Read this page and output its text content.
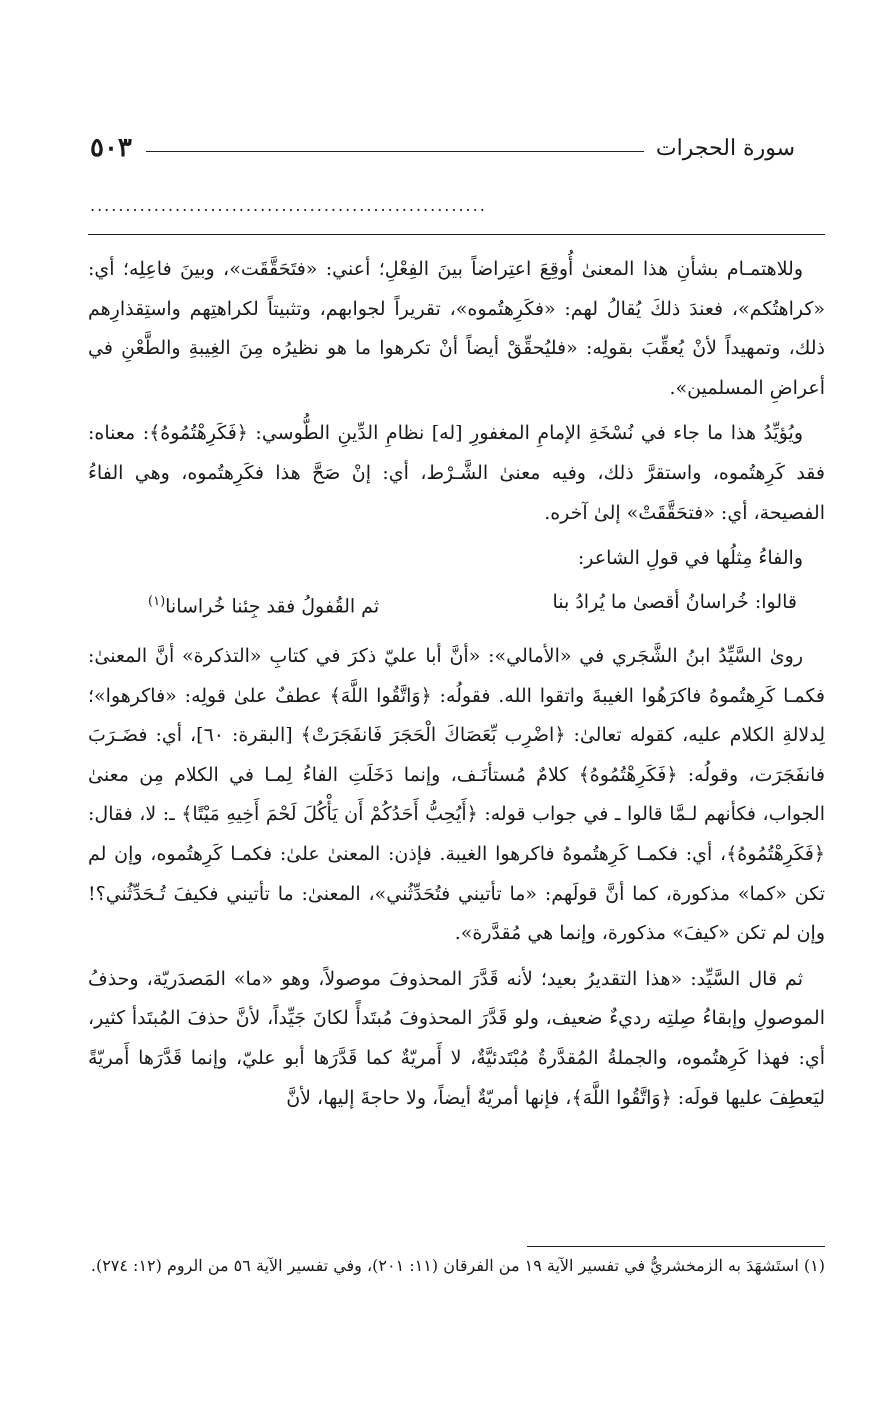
سورة الحجرات
٥٠٣
........................................................

وللاهتمـام بشأنِ هذا المعنىٰ أُوقِعَ اعتِراضاً بينَ الفِعْلِ؛ أعني: «فتَحَقَّقَت»، وبينَ فاعِلِه؛ أي: «كراهتُكم»، فعندَ ذلكَ يُقالُ لهم: «فكَرِهتُموه»، تقريراً لجوابهم، وتثبيتاً لكراهتِهم واستِقذارِهم ذلك، وتمهيداً لأنْ يُعقِّبَ بقولِه: «فليُحقِّقْ أيضاً أنْ تكرهوا ما هو نظيرُه مِنَ الغِيبةِ والطَّعْنِ في أعراضِ المسلمين».

ويُؤيِّدُ هذا ما جاء في نُسْخَةِ الإمامِ المغفورِ [له] نظامِ الدِّينِ الطُّوسي: ﴿فَكَرِهْتُمُوهُ﴾: معناه: فقد كَرِهتُموه، واستقرَّ ذلك، وفيه معنىٰ الشَّـرْط، أي: إنْ صَحَّ هذا فكَرِهتُموه، وهي الفاءُ الفصيحة، أي: «فتحَقَّقَتْ» إلىٰ آخره.

والفاءُ مِثلُها في قولِ الشاعر:

قالوا: خُراسانُ أقصىٰ ما يُرادُ بنا
ثم القُفولُ فقد جِئنا خُراسانا$^{(١)}$

روىٰ السَّيِّدُ ابنُ الشَّجَري في «الأمالي»: «أنَّ أبا عليّ ذكرَ في كتابِ «التذكرة» أنَّ المعنىٰ: فكمـا كَرِهتُموهُ فاكرَهُوا الغيبةَ واتقوا الله. فقولُه: ﴿وَاتَّقُوا اللَّهَ﴾ عطفٌ علىٰ قولِه: «فاكرهوا»؛ لِدلالةِ الكلام عليه، كقوله تعالىٰ: ﴿اضْرِب بِّعَصَاكَ الْحَجَرَ فَانفَجَرَتْ﴾ [البقرة: ٦٠]، أي: فضَـرَبَ فانفَجَرَت، وقولُه: ﴿فَكَرِهْتُمُوهُ﴾ كلامٌ مُستأنَـف، وإنما دَخَلَتِ الفاءُ لِمـا في الكلام مِن معنىٰ الجواب، فكأنهم لـمَّا قالوا ـ في جواب قوله: ﴿أَيُحِبُّ أَحَدُكُمْ أَن يَأْكُلَ لَحْمَ أَخِيهِ مَيْتًا﴾ ـ: لا، فقال: ﴿فَكَرِهْتُمُوهُ﴾، أي: فكمـا كَرِهتُموهُ فاكرهوا الغيبة. فإذن: المعنىٰ علىٰ: فكمـا كَرِهتُموه، وإن لم تكن «كما» مذكورة، كما أنَّ قولَهم: «ما تأتيني فتُحَدِّثُني»، المعنىٰ: ما تأتيني فكيفَ تُـحَدِّثُني؟! وإن لم تكن «كيفَ» مذكورة، وإنما هي مُقدَّرة».

ثم قال السَّيِّد: «هذا التقديرُ بعيد؛ لأنه قَدَّرَ المحذوفَ موصولاً، وهو «ما» المَصدَريّة، وحذفُ الموصولِ وإبقاءُ صِلتِه رديءٌ ضعيف، ولو قَدَّرَ المحذوفَ مُبتَدأً لكانَ جَيِّداً، لأنَّ حذفَ المُبتَدأ كثير، أي: فهذا كَرِهتُموه، والجملةُ المُقدَّرةُ مُبْتَدئيَّةٌ، لا أَمريّةٌ كما قَدَّرَها أبو عليّ، وإنما قَدَّرَها أَمريّةً ليَعطِفَ عليها قولَه: ﴿وَاتَّقُوا اللَّهَ﴾، فإنها أمريّةٌ أيضاً، ولا حاجةَ إليها، لأنَّ

(١) استَشهَدَ به الزمخشريُّ في تفسير الآية ١٩ من الفرقان (١١: ٢٠١)، وفي تفسير الآية ٥٦ من الروم (١٢: ٢٧٤).
